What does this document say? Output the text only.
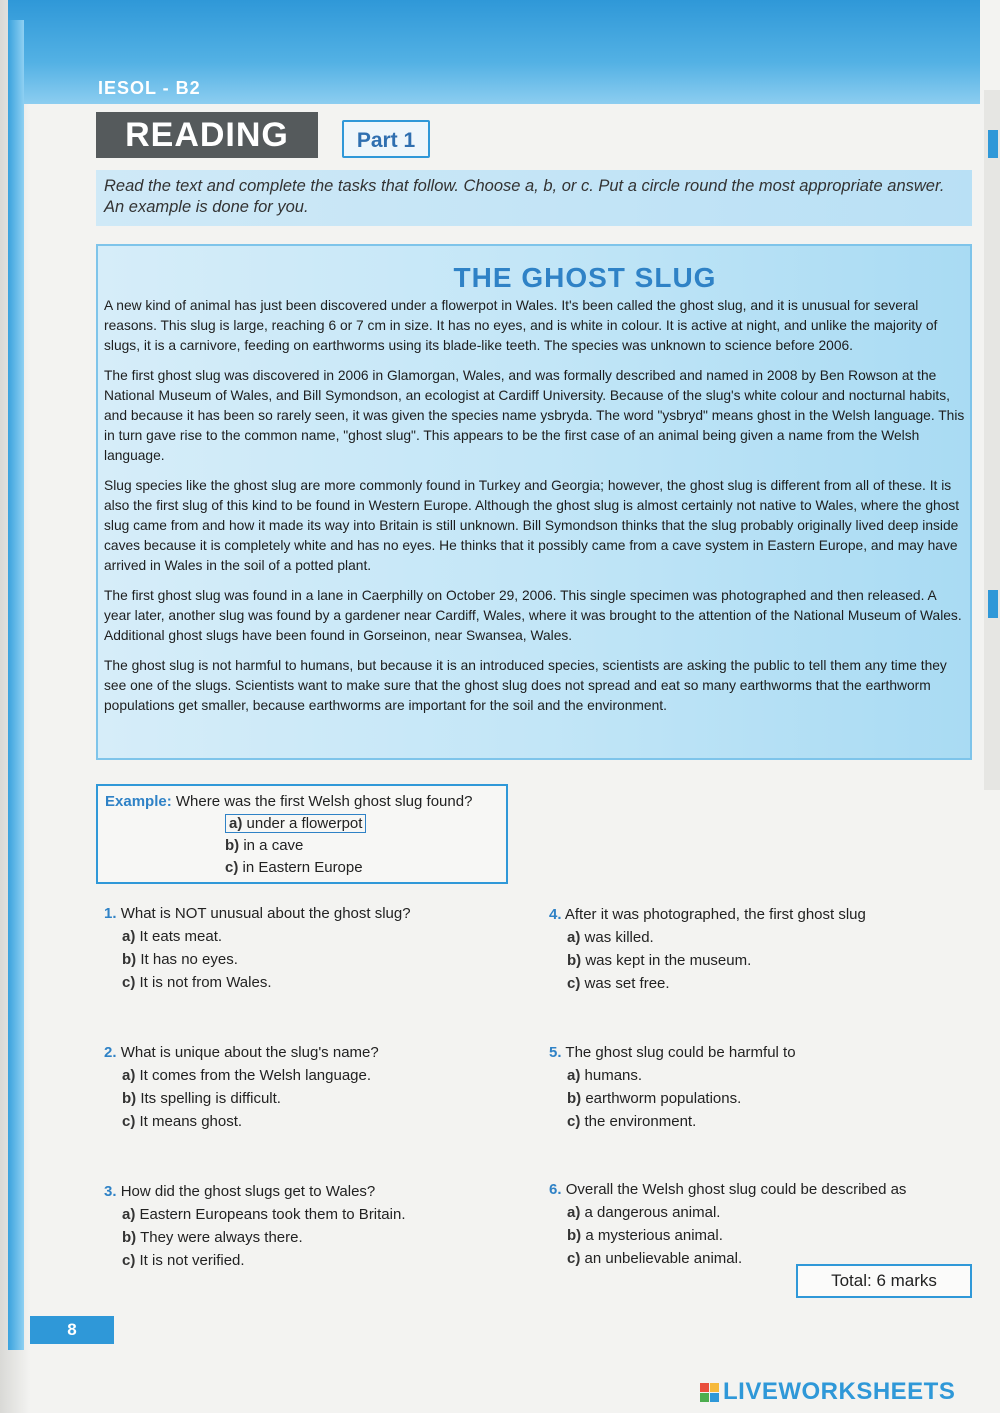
IESOL - B2
READING	Part 1
Read the text and complete the tasks that follow. Choose a, b, or c. Put a circle round the most appropriate answer. An example is done for you.
THE GHOST SLUG

A new kind of animal has just been discovered under a flowerpot in Wales. It's been called the ghost slug, and it is unusual for several reasons. This slug is large, reaching 6 or 7 cm in size. It has no eyes, and is white in colour. It is active at night, and unlike the majority of slugs, it is a carnivore, feeding on earthworms using its blade-like teeth. The species was unknown to science before 2006.

The first ghost slug was discovered in 2006 in Glamorgan, Wales, and was formally described and named in 2008 by Ben Rowson at the National Museum of Wales, and Bill Symondson, an ecologist at Cardiff University. Because of the slug's white colour and nocturnal habits, and because it has been so rarely seen, it was given the species name ysbryda. The word "ysbryd" means ghost in the Welsh language. This in turn gave rise to the common name, "ghost slug". This appears to be the first case of an animal being given a name from the Welsh language.

Slug species like the ghost slug are more commonly found in Turkey and Georgia; however, the ghost slug is different from all of these. It is also the first slug of this kind to be found in Western Europe. Although the ghost slug is almost certainly not native to Wales, where the ghost slug came from and how it made its way into Britain is still unknown. Bill Symondson thinks that the slug probably originally lived deep inside caves because it is completely white and has no eyes. He thinks that it possibly came from a cave system in Eastern Europe, and may have arrived in Wales in the soil of a potted plant.

The first ghost slug was found in a lane in Caerphilly on October 29, 2006. This single specimen was photographed and then released. A year later, another slug was found by a gardener near Cardiff, Wales, where it was brought to the attention of the National Museum of Wales. Additional ghost slugs have been found in Gorseinon, near Swansea, Wales.

The ghost slug is not harmful to humans, but because it is an introduced species, scientists are asking the public to tell them any time they see one of the slugs. Scientists want to make sure that the ghost slug does not spread and eat so many earthworms that the earthworm populations get smaller, because earthworms are important for the soil and the environment.

Example: Where was the first Welsh ghost slug found?
a) under a flowerpot
b) in a cave
c) in Eastern Europe
1. What is NOT unusual about the ghost slug?
a) It eats meat.
b) It has no eyes.
c) It is not from Wales.
2. What is unique about the slug's name?
a) It comes from the Welsh language.
b) Its spelling is difficult.
c) It means ghost.
3. How did the ghost slugs get to Wales?
a) Eastern Europeans took them to Britain.
b) They were always there.
c) It is not verified.
4. After it was photographed, the first ghost slug
a) was killed.
b) was kept in the museum.
c) was set free.
5. The ghost slug could be harmful to
a) humans.
b) earthworm populations.
c) the environment.
6. Overall the Welsh ghost slug could be described as
a) a dangerous animal.
b) a mysterious animal.
c) an unbelievable animal.
Total: 6 marks
8
LIVEWORKSHEETS
